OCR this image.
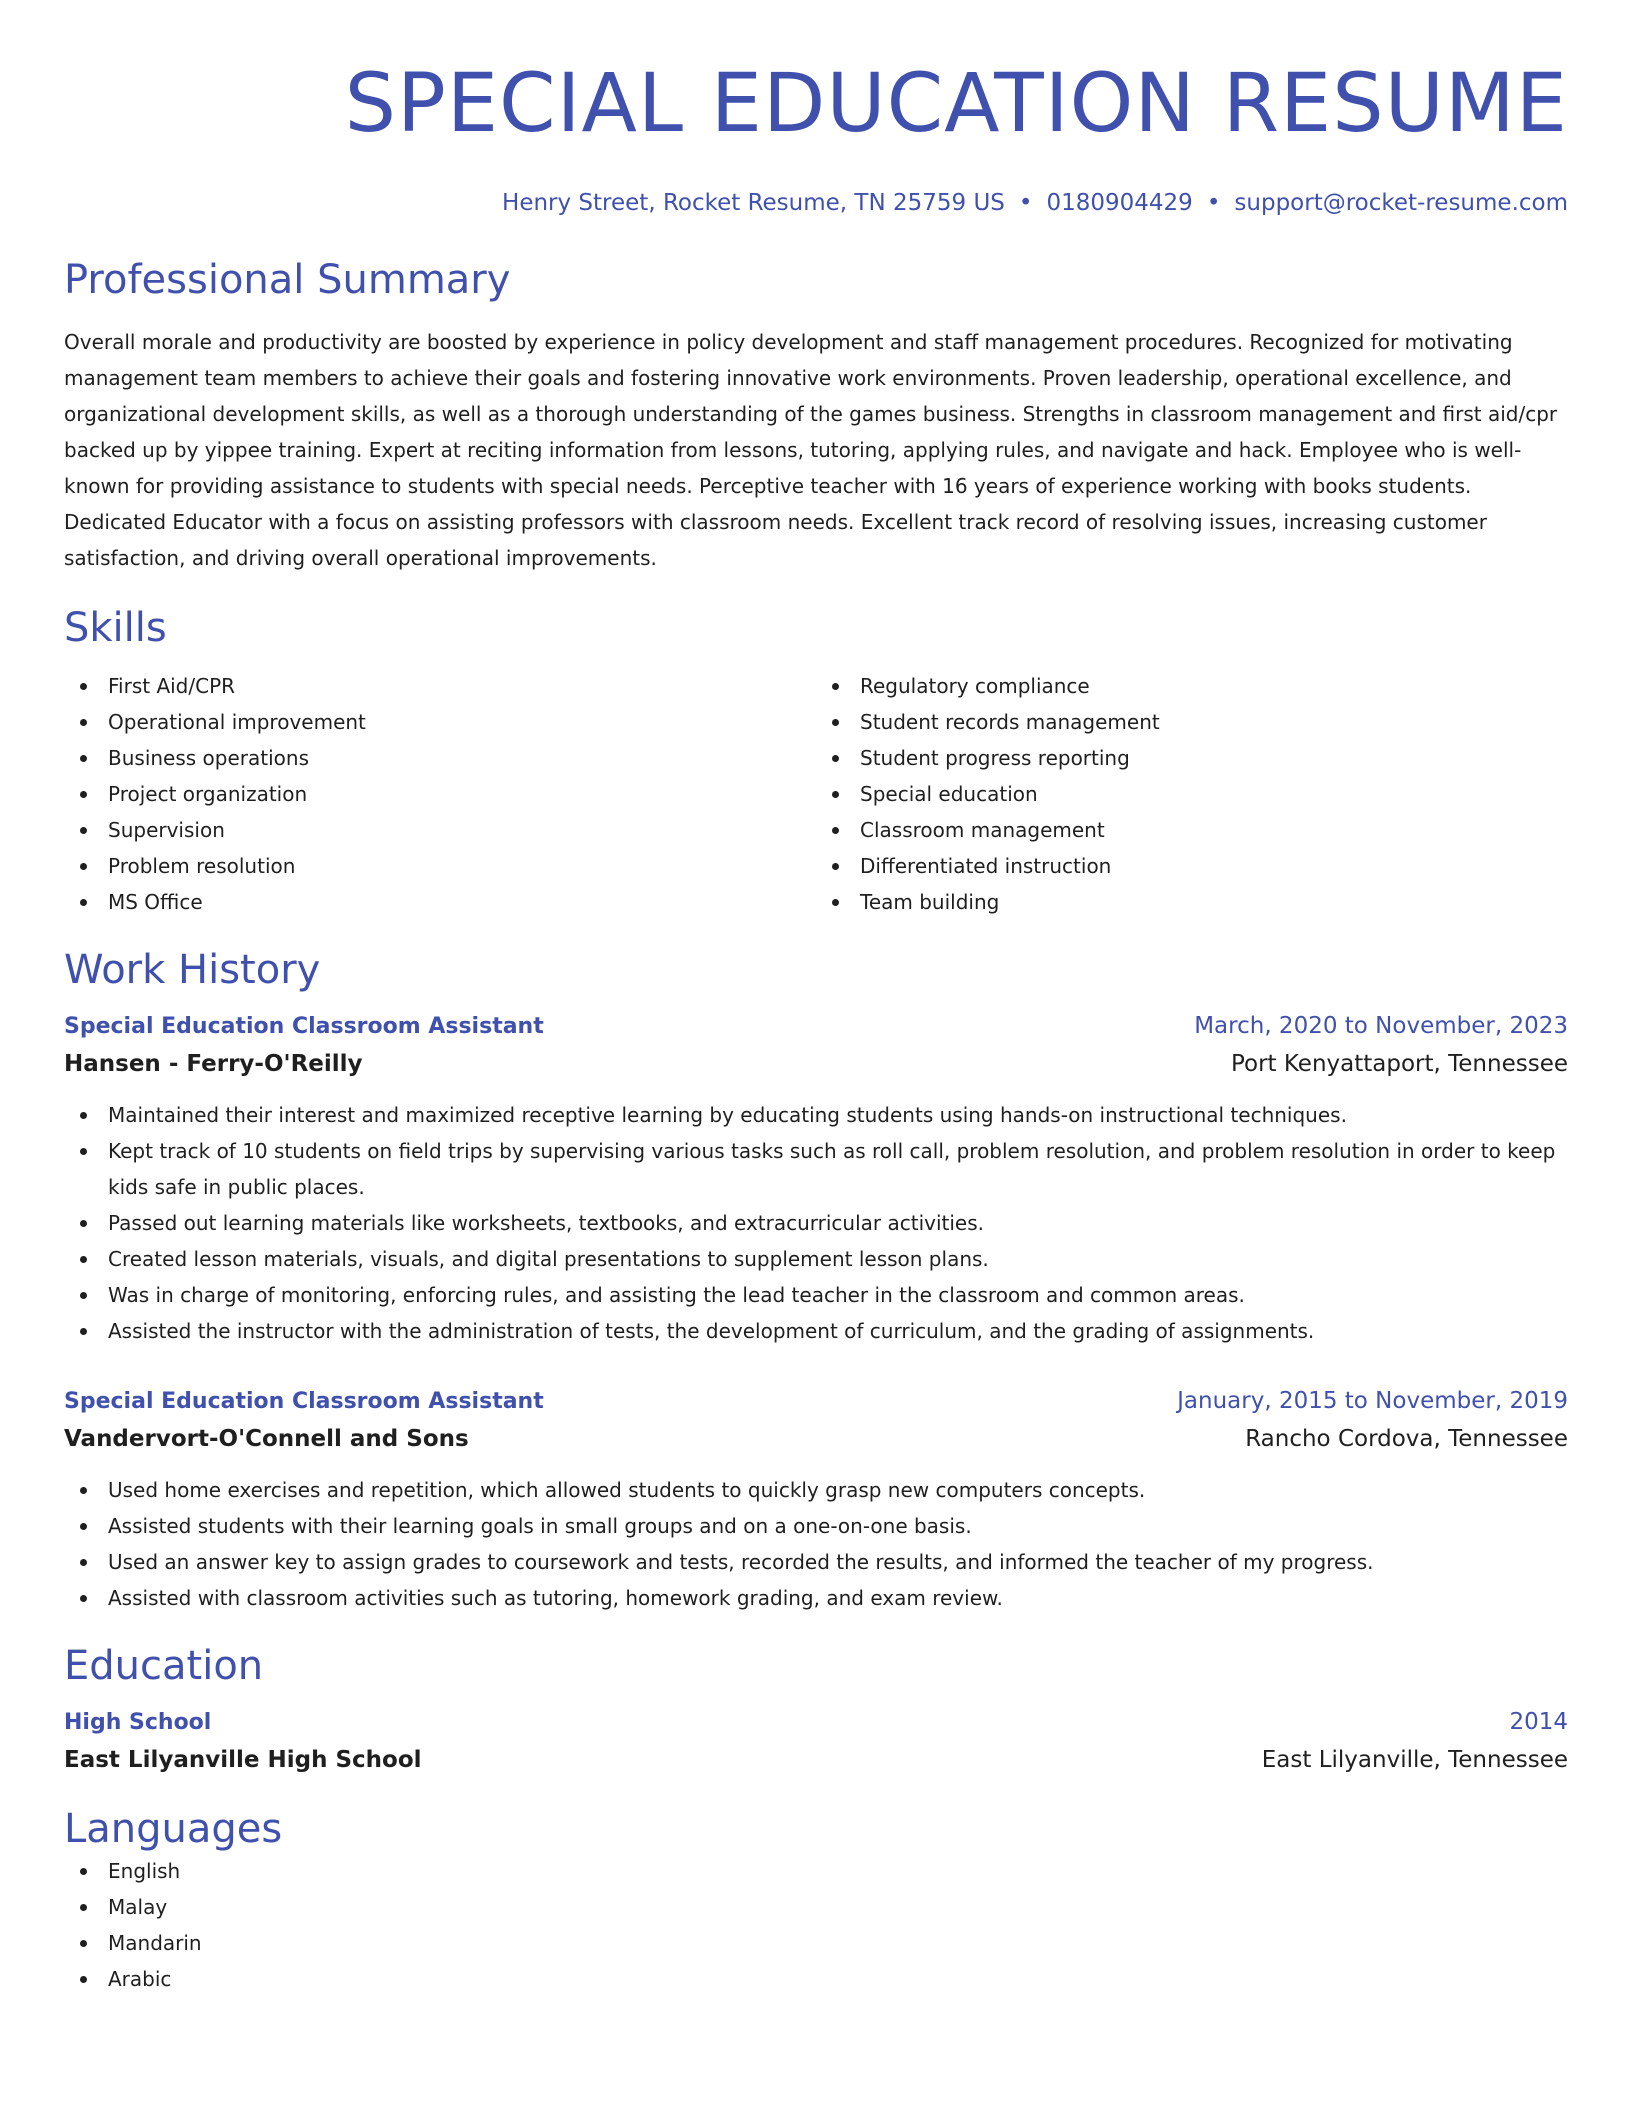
SPECIAL EDUCATION RESUME
Henry Street, Rocket Resume, TN 25759 US • 0180904429 • support@rocket-resume.com
Professional Summary

Overall morale and productivity are boosted by experience in policy development and staff management procedures. Recognized for motivating management team members to achieve their goals and fostering innovative work environments. Proven leadership, operational excellence, and organizational development skills, as well as a thorough understanding of the games business. Strengths in classroom management and first aid/cpr backed up by yippee training. Expert at reciting information from lessons, tutoring, applying rules, and navigate and hack. Employee who is well-known for providing assistance to students with special needs. Perceptive teacher with 16 years of experience working with books students. Dedicated Educator with a focus on assisting professors with classroom needs. Excellent track record of resolving issues, increasing customer satisfaction, and driving overall operational improvements.

Skills
First Aid/CPR
Operational improvement
Business operations
Project organization
Supervision
Problem resolution
MS Office
Regulatory compliance
Student records management
Student progress reporting
Special education
Classroom management
Differentiated instruction
Team building
Work History
Special Education Classroom Assistant	March, 2020 to November, 2023
Hansen - Ferry-O'Reilly	Port Kenyattaport, Tennessee
Maintained their interest and maximized receptive learning by educating students using hands-on instructional techniques.
Kept track of 10 students on field trips by supervising various tasks such as roll call, problem resolution, and problem resolution in order to keep kids safe in public places.
Passed out learning materials like worksheets, textbooks, and extracurricular activities.
Created lesson materials, visuals, and digital presentations to supplement lesson plans.
Was in charge of monitoring, enforcing rules, and assisting the lead teacher in the classroom and common areas.
Assisted the instructor with the administration of tests, the development of curriculum, and the grading of assignments.
Special Education Classroom Assistant	January, 2015 to November, 2019
Vandervort-O'Connell and Sons	Rancho Cordova, Tennessee
Used home exercises and repetition, which allowed students to quickly grasp new computers concepts.
Assisted students with their learning goals in small groups and on a one-on-one basis.
Used an answer key to assign grades to coursework and tests, recorded the results, and informed the teacher of my progress.
Assisted with classroom activities such as tutoring, homework grading, and exam review.
Education
High School	2014
East Lilyanville High School	East Lilyanville, Tennessee
Languages
English
Malay
Mandarin
Arabic
